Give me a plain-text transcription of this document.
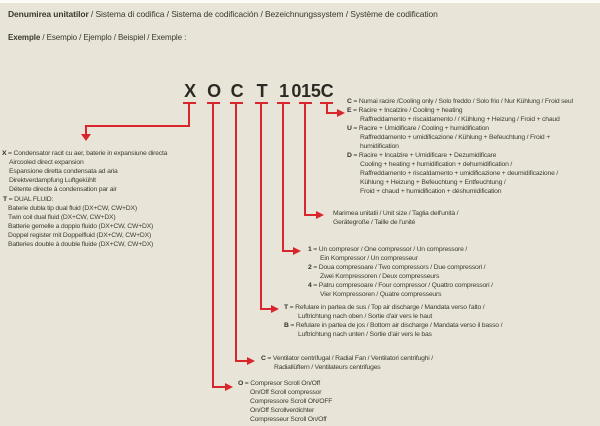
Denumirea unitatilor / Sistema di codifica / Sistema de codificación / Bezeichnungssystem / Système de codification
Exemple / Esempio / Ejemplo / Beispiel / Exemple :
X O C T 1 015 C
C = Numai racire /Cooling only / Solo freddo / Solo frio / Nur Kühlung / Froid seul
E = Racire + Incalzire / Cooling + heating
Raffreddamento + riscaldamento / / Kühlung + Heizung / Froid + chaud
U = Racire + Umidificare / Cooling + humidification
Raffreddamento + umidificazione / Kühlung + Befeuchtung / Froid +
humidification
D = Racire + Incalzire + Umidificare + Dezumidificare
Cooling + heating + humidification + dehumidification /
Raffreddamento + riscaldamento + umidificazione + deumidificazione /
Kühlung + Heizung + Befeuchtung + Entfeuchtung /
Froid + chaud + humidification + déshumidification
Marimea unitatii / Unit size / Taglia dell'unità /
Gerätegroße / Taille de l'unité
1 = Un compresor / One compressor / Un compressore /
Ein Kompressor / Un compresseur
2 = Doua compresoare / Two compressors / Due compressori /
Zwei Kompressoren / Deux compresseurs
4 = Patru compresoare / Four compressor / Quattro compressori /
Vier Kompressoren / Quatre compresseurs
T = Refulare in partea de sus / Top air discharge / Mandata verso l'alto /
Luftrichtung nach oben / Sortie d'air vers le haut
B = Refulare in partea de jos / Bottom air discharge / Mandata verso il basso /
Luftrichtung nach unten / Sortie d'air vers le bas
C = Ventilator centrifugal / Radial Fan / Ventilatori centrifughi /
Radiallüftern / Ventilateurs centrifuges
O = Compresor Scroll On/Off
On/Off Scroll compressor
Compressore Scroll ON/OFF
On/Off Scrollverdichter
Compresseur Scroll On/Off
X = Condensator racit cu aer, baterie in expansiune directa
Aircooled direct expansion
Espansione diretta condensata ad aria
Direktverdampfung Luftgekühlt
Détente directe à condensation par air
T = DUAL FLUID:
Baterie dubla tip dual fluid (DX+CW, CW+DX)
Twin coil dual fluid (DX+CW, CW+DX)
Batterie gemelle a doppio fluido (DX+CW, CW+DX)
Doppel register mit Doppelfluid (DX+CW, CW+DX)
Batteries double à double fluide (DX+CW, CW+DX)
